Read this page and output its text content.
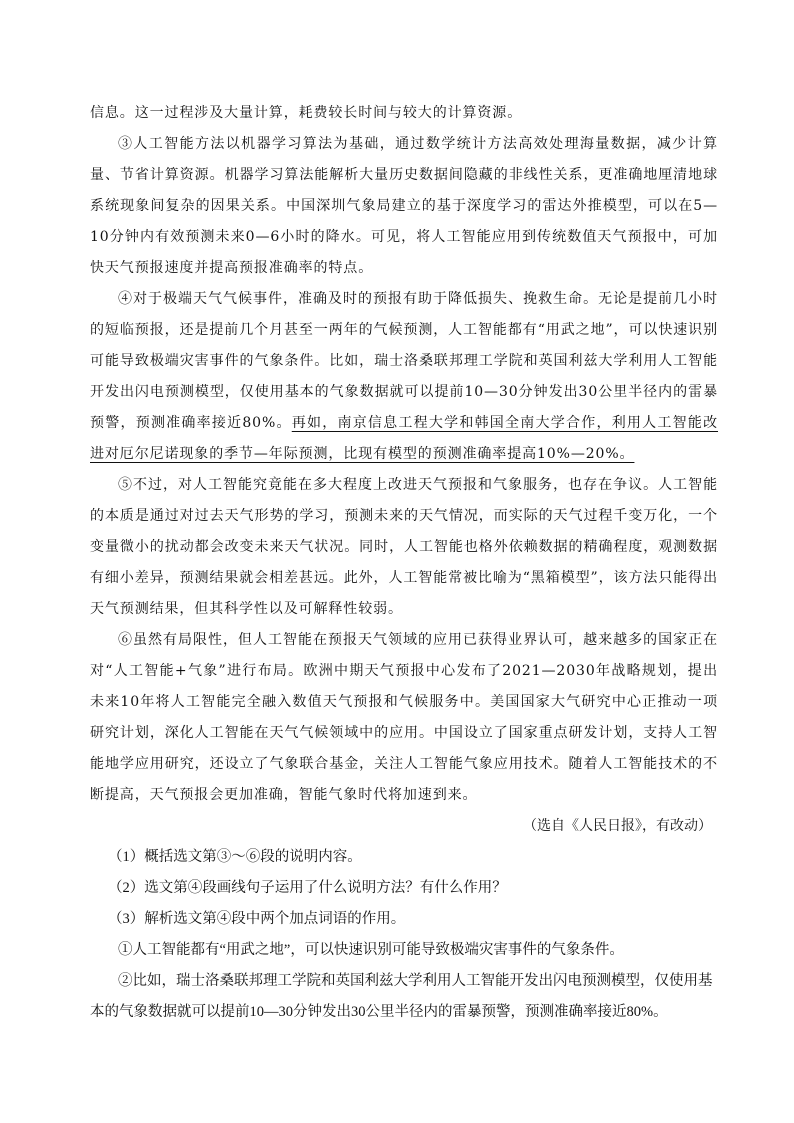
信息。这一过程涉及大量计算，耗费较长时间与较大的计算资源。

③人工智能方法以机器学习算法为基础，通过数学统计方法高效处理海量数据，减少计算量、节省计算资源。机器学习算法能解析大量历史数据间隐藏的非线性关系，更准确地厘清地球系统现象间复杂的因果关系。中国深圳气象局建立的基于深度学习的雷达外推模型，可以在5—10分钟内有效预测未来0—6小时的降水。可见，将人工智能应用到传统数值天气预报中，可加快天气预报速度并提高预报准确率的特点。

④对于极端天气气候事件，准确及时的预报有助于降低损失、挽救生命。无论是提前几小时的短临预报，还是提前几个月甚至一两年的气候预测，人工智能都有“用武之地”，可以快速识别可能导致极端灾害事件的气象条件。比如，瑞士洛桑联邦理工学院和英国利兹大学利用人工智能开发出闪电预测模型，仅使用基本的气象数据就可以提前10—30分钟发出30公里半径内的雷暴预警，预测准确率接近80%。再如，南京信息工程大学和韩国全南大学合作，利用人工智能改进对厄尔尼诺现象的季节—年际预测，比现有模型的预测准确率提高10%—20%。

⑤不过，对人工智能究竟能在多大程度上改进天气预报和气象服务，也存在争议。人工智能的本质是通过对过去天气形势的学习，预测未来的天气情况，而实际的天气过程千变万化，一个变量微小的扰动都会改变未来天气状况。同时，人工智能也格外依赖数据的精确程度，观测数据有细小差异，预测结果就会相差甚远。此外，人工智能常被比喻为“黑箱模型”，该方法只能得出天气预测结果，但其科学性以及可解释性较弱。

⑥虽然有局限性，但人工智能在预报天气领域的应用已获得业界认可，越来越多的国家正在对“人工智能+气象”进行布局。欧洲中期天气预报中心发布了2021—2030年战略规划，提出未来10年将人工智能完全融入数值天气预报和气候服务中。美国国家大气研究中心正推动一项研究计划，深化人工智能在天气气候领域中的应用。中国设立了国家重点研发计划，支持人工智能地学应用研究，还设立了气象联合基金，关注人工智能气象应用技术。随着人工智能技术的不断提高，天气预报会更加准确，智能气象时代将加速到来。

（选自《人民日报》，有改动）

（1）概括选文第③～⑥段的说明内容。

（2）选文第④段画线句子运用了什么说明方法？有什么作用？

（3）解析选文第④段中两个加点词语的作用。

①人工智能都有“用武之地”，可以快速识别可能导致极端灾害事件的气象条件。

②比如，瑞士洛桑联邦理工学院和英国利兹大学利用人工智能开发出闪电预测模型，仅使用基本的气象数据就可以提前10—30分钟发出30公里半径内的雷暴预警，预测准确率接近80%。
